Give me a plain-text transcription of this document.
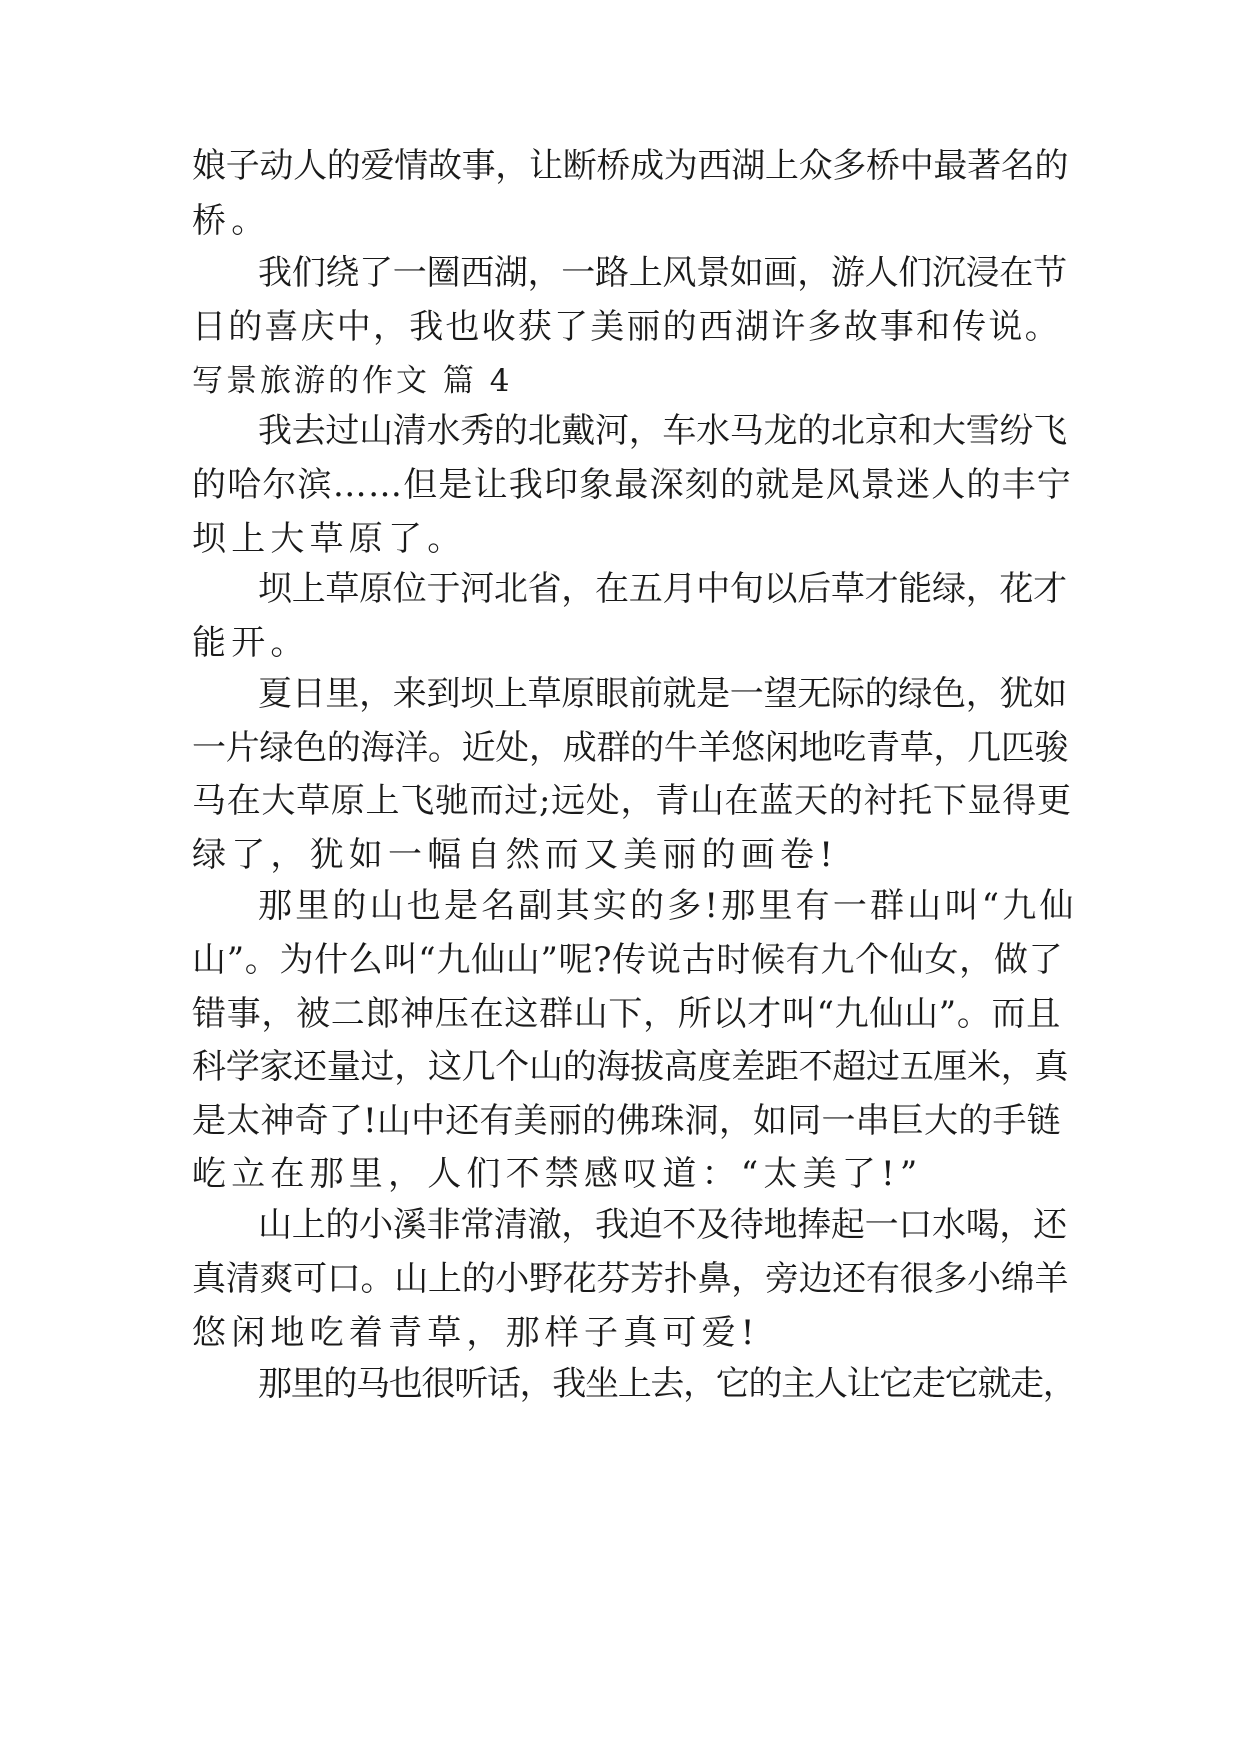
娘子动人的爱情故事，让断桥成为西湖上众多桥中最著名的
桥。
我们绕了一圈西湖，一路上风景如画，游人们沉浸在节
日的喜庆中，我也收获了美丽的西湖许多故事和传说。
写景旅游的作文 篇 4
我去过山清水秀的北戴河，车水马龙的北京和大雪纷飞
的哈尔滨……但是让我印象最深刻的就是风景迷人的丰宁
坝上大草原了。
坝上草原位于河北省，在五月中旬以后草才能绿，花才
能开。
夏日里，来到坝上草原眼前就是一望无际的绿色，犹如
一片绿色的海洋。近处，成群的牛羊悠闲地吃青草，几匹骏
马在大草原上飞驰而过;远处，青山在蓝天的衬托下显得更
绿了，犹如一幅自然而又美丽的画卷!
那里的山也是名副其实的多!那里有一群山叫“九仙
山”。为什么叫“九仙山”呢?传说古时候有九个仙女，做了
错事，被二郎神压在这群山下，所以才叫“九仙山”。而且
科学家还量过，这几个山的海拔高度差距不超过五厘米，真
是太神奇了!山中还有美丽的佛珠洞，如同一串巨大的手链
屹立在那里，人们不禁感叹道：“太美了!”
山上的小溪非常清澈，我迫不及待地捧起一口水喝，还
真清爽可口。山上的小野花芬芳扑鼻，旁边还有很多小绵羊
悠闲地吃着青草，那样子真可爱!
那里的马也很听话，我坐上去，它的主人让它走它就走，
